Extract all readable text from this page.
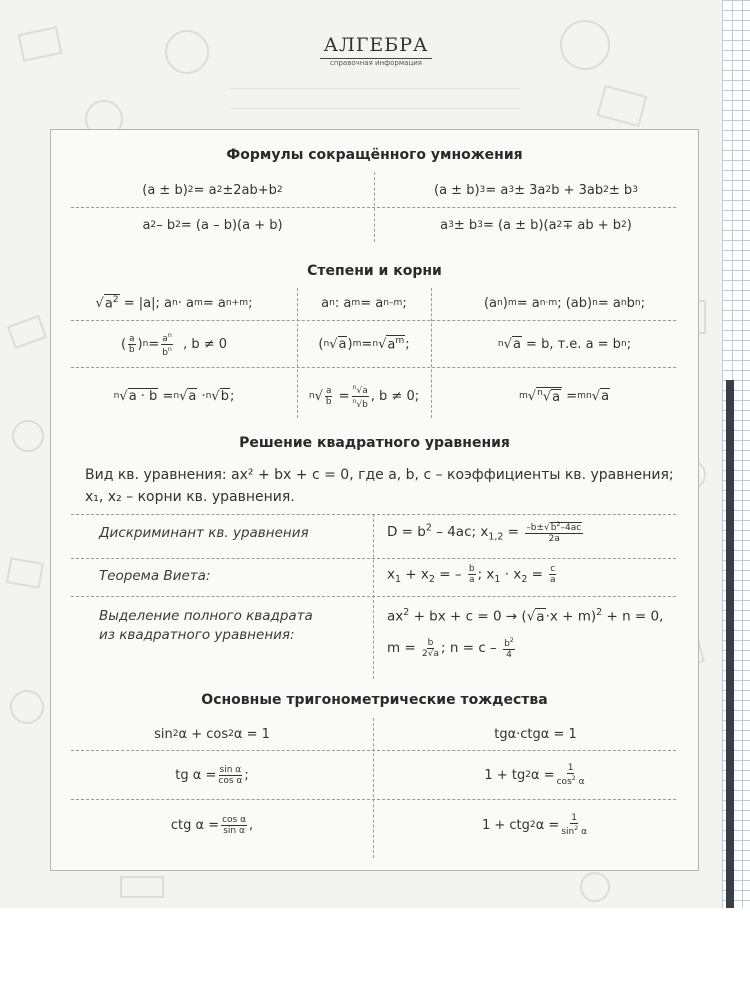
АЛГЕБРА
справочная информация
Формулы сокращённого умножения
(a ± b) 2 = a 2 ±2ab+b 2	(a ± b) 3 = a 3 ± 3a 2 b + 3ab 2 ± b 3
a 2 – b 2 = (a – b)(a + b)	a 3 ± b 3 = (a ± b)(a 2 ∓ ab + b 2 )
Степени и корни
√ $a^2 = |a|$; a n · a m = a n+m ;	a n : a m = a n–m ;	(a n ) m = a n·m ; (ab) n = a n b n ;
( $\frac{a}{b}$ ) $n = \frac{a^n}{b^n}$ , b ≠ 0	( n √ a ) m = n √ $a^m$ ;	n √ a = b, т.е. a = b n ;
n √ a · b = n √ a · n √ b ;	n √ $\frac{a}{b} = \frac{^n√a}{^n√b}$ , b ≠ 0;	m √ $^n$√a = mn √ a
Решение квадратного уравнения
Вид кв. уравнения: ax² + bx + c = 0, где a, b, c – коэффициенты кв. уравнения; x₁, x₂ – корни кв. уравнения.
Дискриминант кв. уравнения	$D = b^2 - 4ac$; $x_{1,2} = \frac{-b\pm√b^2-4ac}{2a}$
Теорема Виета:	$x_1 + x_2$ = – $\frac{b}{a}$ ; $x_1 \cdot x_2 = \frac{c}{a}$
Выделение полного квадрата
из квадратного уравнения:
$ax^2$ + bx + $c = 0 \to (√a\cdot x + m)^2 + n = 0$,
$m = \frac{b}{2√a}$ ; $n = c - \frac{b^2}{4}$
Основные тригонометрические тождества
sin 2 α + cos 2 α = 1	tgα·ctgα = 1
tg $\alpha = \frac{\text{sin α}}{\text{cos α}}$ ;	1 + tg 2 $\alpha = \frac{1}{\cos^2 \alpha}$
ctg $\alpha = \frac{\text{cos α}}{\text{sin α}}$ ,	1 + ctg 2 $\alpha = \frac{1}{\sin^2 \alpha}$
